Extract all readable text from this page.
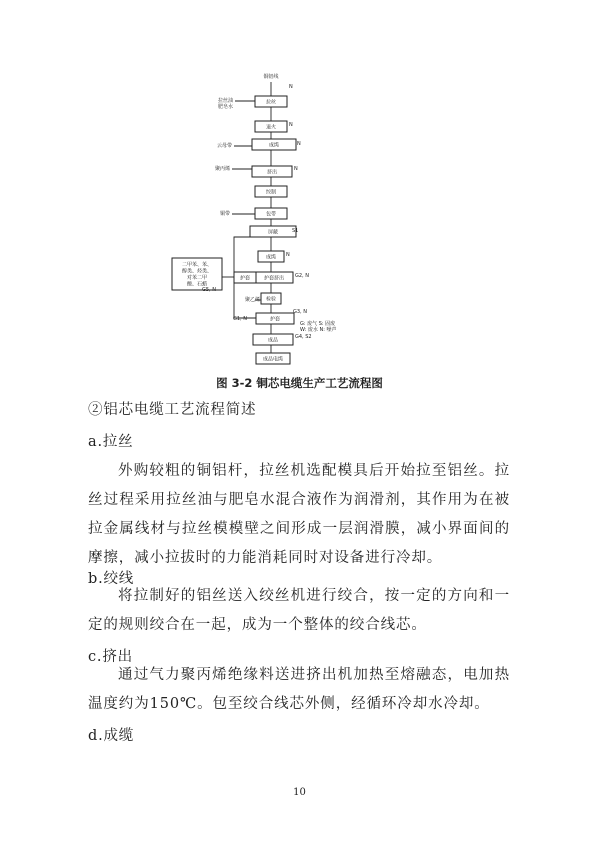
拉丝
退火
成缆
挤出
绞制
包带
屏蔽
成缆
护套挤出
检验
护套
成品
成品电缆
铜铝线
拉丝油
肥皂水
云母带
聚丙烯
铜带
聚乙烯
N
N
N
N
S1
N
G1, N
G2, N
G3, N
G4, S2
G5, N
护套
二甲苯、苯、
醇类、烃类、
对苯二甲
酸、石蜡
G: 废气 S: 固废
W: 废水 N: 噪声
图 3-2 铜芯电缆生产工艺流程图
②铝芯电缆工艺流程简述
a.拉丝
外购较粗的铜铝杆，拉丝机选配模具后开始拉至铝丝。拉丝过程采用拉丝油与肥皂水混合液作为润滑剂，其作用为在被拉金属线材与拉丝模模壁之间形成一层润滑膜，减小界面间的摩擦，减小拉拔时的力能消耗同时对设备进行冷却。
b.绞线
将拉制好的铝丝送入绞丝机进行绞合，按一定的方向和一定的规则绞合在一起，成为一个整体的绞合线芯。
c.挤出
通过气力聚丙烯绝缘料送进挤出机加热至熔融态，电加热温度约为150℃。包至绞合线芯外侧，经循环冷却水冷却。
d.成缆
10
